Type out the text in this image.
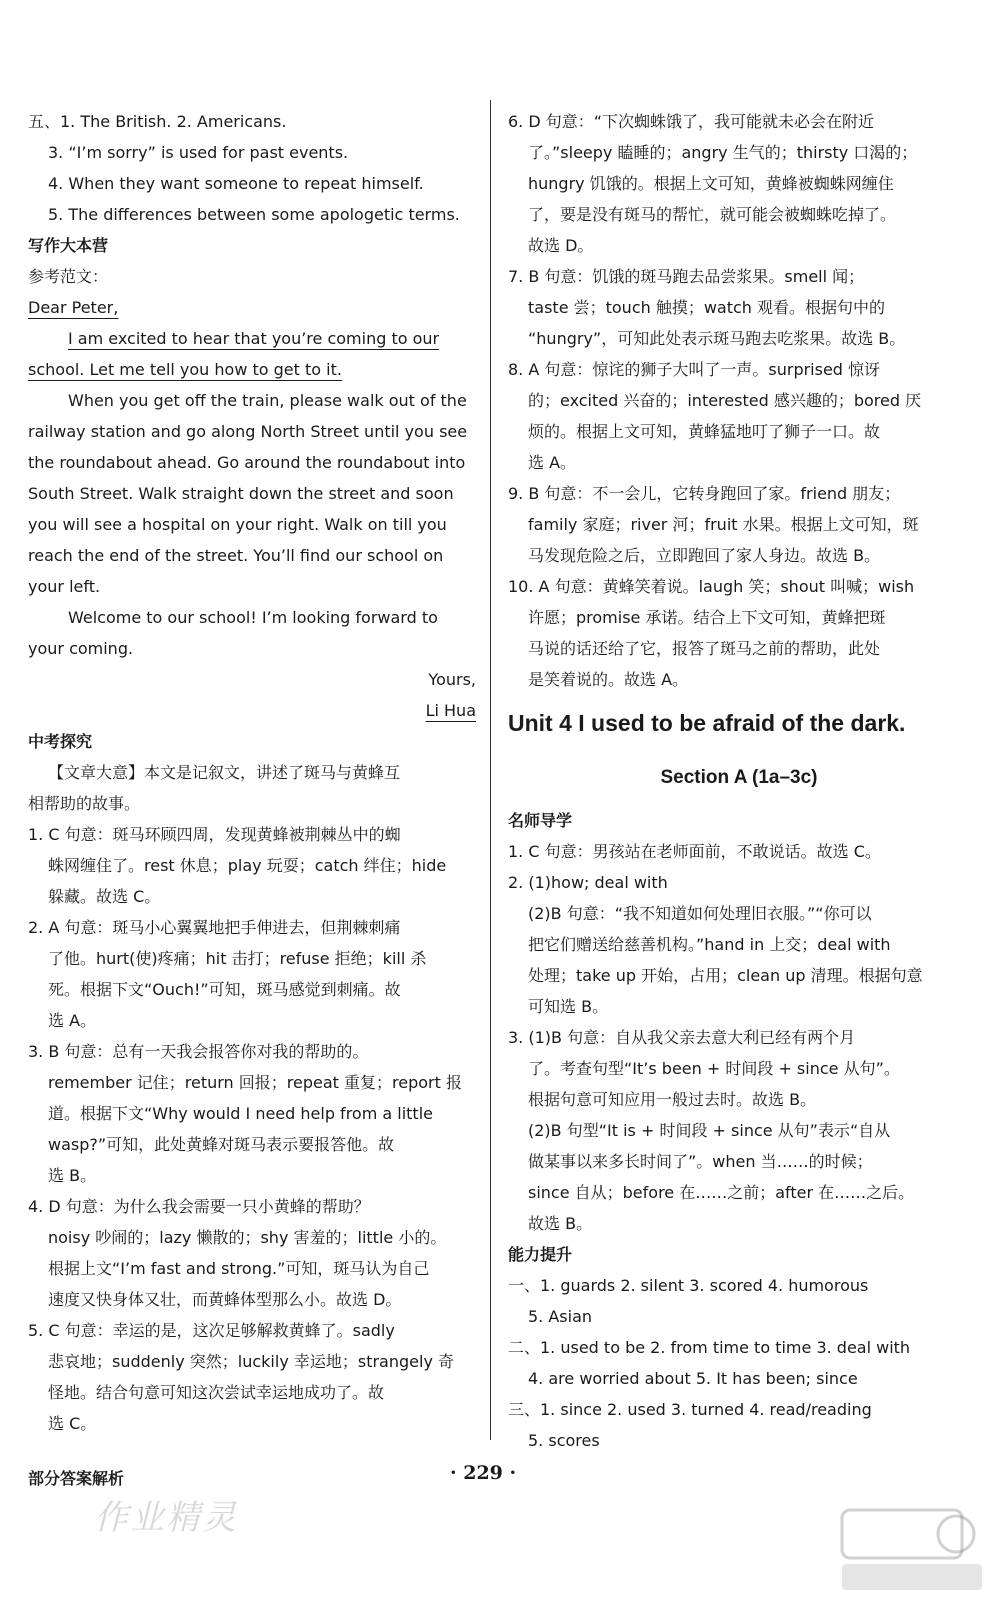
五、1. The British. 2. Americans.
3. “I’m sorry” is used for past events.
4. When they want someone to repeat himself.
5. The differences between some apologetic terms.
写作大本营
参考范文：
Dear Peter,
I am excited to hear that you’re coming to our
school. Let me tell you how to get to it.
When you get off the train, please walk out of the
railway station and go along North Street until you see
the roundabout ahead. Go around the roundabout into
South Street. Walk straight down the street and soon
you will see a hospital on your right. Walk on till you
reach the end of the street. You’ll find our school on
your left.
Welcome to our school! I’m looking forward to
your coming.
Yours,
Li Hua
中考探究
【文章大意】本文是记叙文，讲述了斑马与黄蜂互
相帮助的故事。
1. C 句意：斑马环顾四周，发现黄蜂被荆棘丛中的蜘
蛛网缠住了。rest 休息；play 玩耍；catch 绊住；hide
躲藏。故选 C。
2. A 句意：斑马小心翼翼地把手伸进去，但荆棘刺痛
了他。hurt(使)疼痛；hit 击打；refuse 拒绝；kill 杀
死。根据下文“Ouch!”可知，斑马感觉到刺痛。故
选 A。
3. B 句意：总有一天我会报答你对我的帮助的。
remember 记住；return 回报；repeat 重复；report 报
道。根据下文“Why would I need help from a little
wasp?”可知，此处黄蜂对斑马表示要报答他。故
选 B。
4. D 句意：为什么我会需要一只小黄蜂的帮助？
noisy 吵闹的；lazy 懒散的；shy 害羞的；little 小的。
根据上文“I’m fast and strong.”可知，斑马认为自己
速度又快身体又壮，而黄蜂体型那么小。故选 D。
5. C 句意：幸运的是，这次足够解救黄蜂了。sadly
悲哀地；suddenly 突然；luckily 幸运地；strangely 奇
怪地。结合句意可知这次尝试幸运地成功了。故
选 C。
6. D 句意：“下次蜘蛛饿了，我可能就未必会在附近
了。”sleepy 瞌睡的；angry 生气的；thirsty 口渴的；
hungry 饥饿的。根据上文可知，黄蜂被蜘蛛网缠住
了，要是没有斑马的帮忙，就可能会被蜘蛛吃掉了。
故选 D。
7. B 句意：饥饿的斑马跑去品尝浆果。smell 闻；
taste 尝；touch 触摸；watch 观看。根据句中的
“hungry”，可知此处表示斑马跑去吃浆果。故选 B。
8. A 句意：惊诧的狮子大叫了一声。surprised 惊讶
的；excited 兴奋的；interested 感兴趣的；bored 厌
烦的。根据上文可知，黄蜂猛地叮了狮子一口。故
选 A。
9. B 句意：不一会儿，它转身跑回了家。friend 朋友；
family 家庭；river 河；fruit 水果。根据上文可知，斑
马发现危险之后，立即跑回了家人身边。故选 B。
10. A 句意：黄蜂笑着说。laugh 笑；shout 叫喊；wish
许愿；promise 承诺。结合上下文可知，黄蜂把斑
马说的话还给了它，报答了斑马之前的帮助，此处
是笑着说的。故选 A。
Unit 4 I used to be afraid of the dark.
Section A (1a–3c)
名师导学
1. C 句意：男孩站在老师面前，不敢说话。故选 C。
2. (1)how; deal with
(2)B 句意：“我不知道如何处理旧衣服。”“你可以
把它们赠送给慈善机构。”hand in 上交；deal with
处理；take up 开始，占用；clean up 清理。根据句意
可知选 B。
3. (1)B 句意：自从我父亲去意大利已经有两个月
了。考查句型“It’s been + 时间段 + since 从句”。
根据句意可知应用一般过去时。故选 B。
(2)B 句型“It is + 时间段 + since 从句”表示“自从
做某事以来多长时间了”。when 当……的时候；
since 自从；before 在……之前；after 在……之后。
故选 B。
能力提升
一、1. guards 2. silent 3. scored 4. humorous
5. Asian
二、1. used to be 2. from time to time 3. deal with
4. are worried about 5. It has been; since
三、1. since 2. used 3. turned 4. read/reading
5. scores
部分答案解析	· 229 ·
作业精灵
